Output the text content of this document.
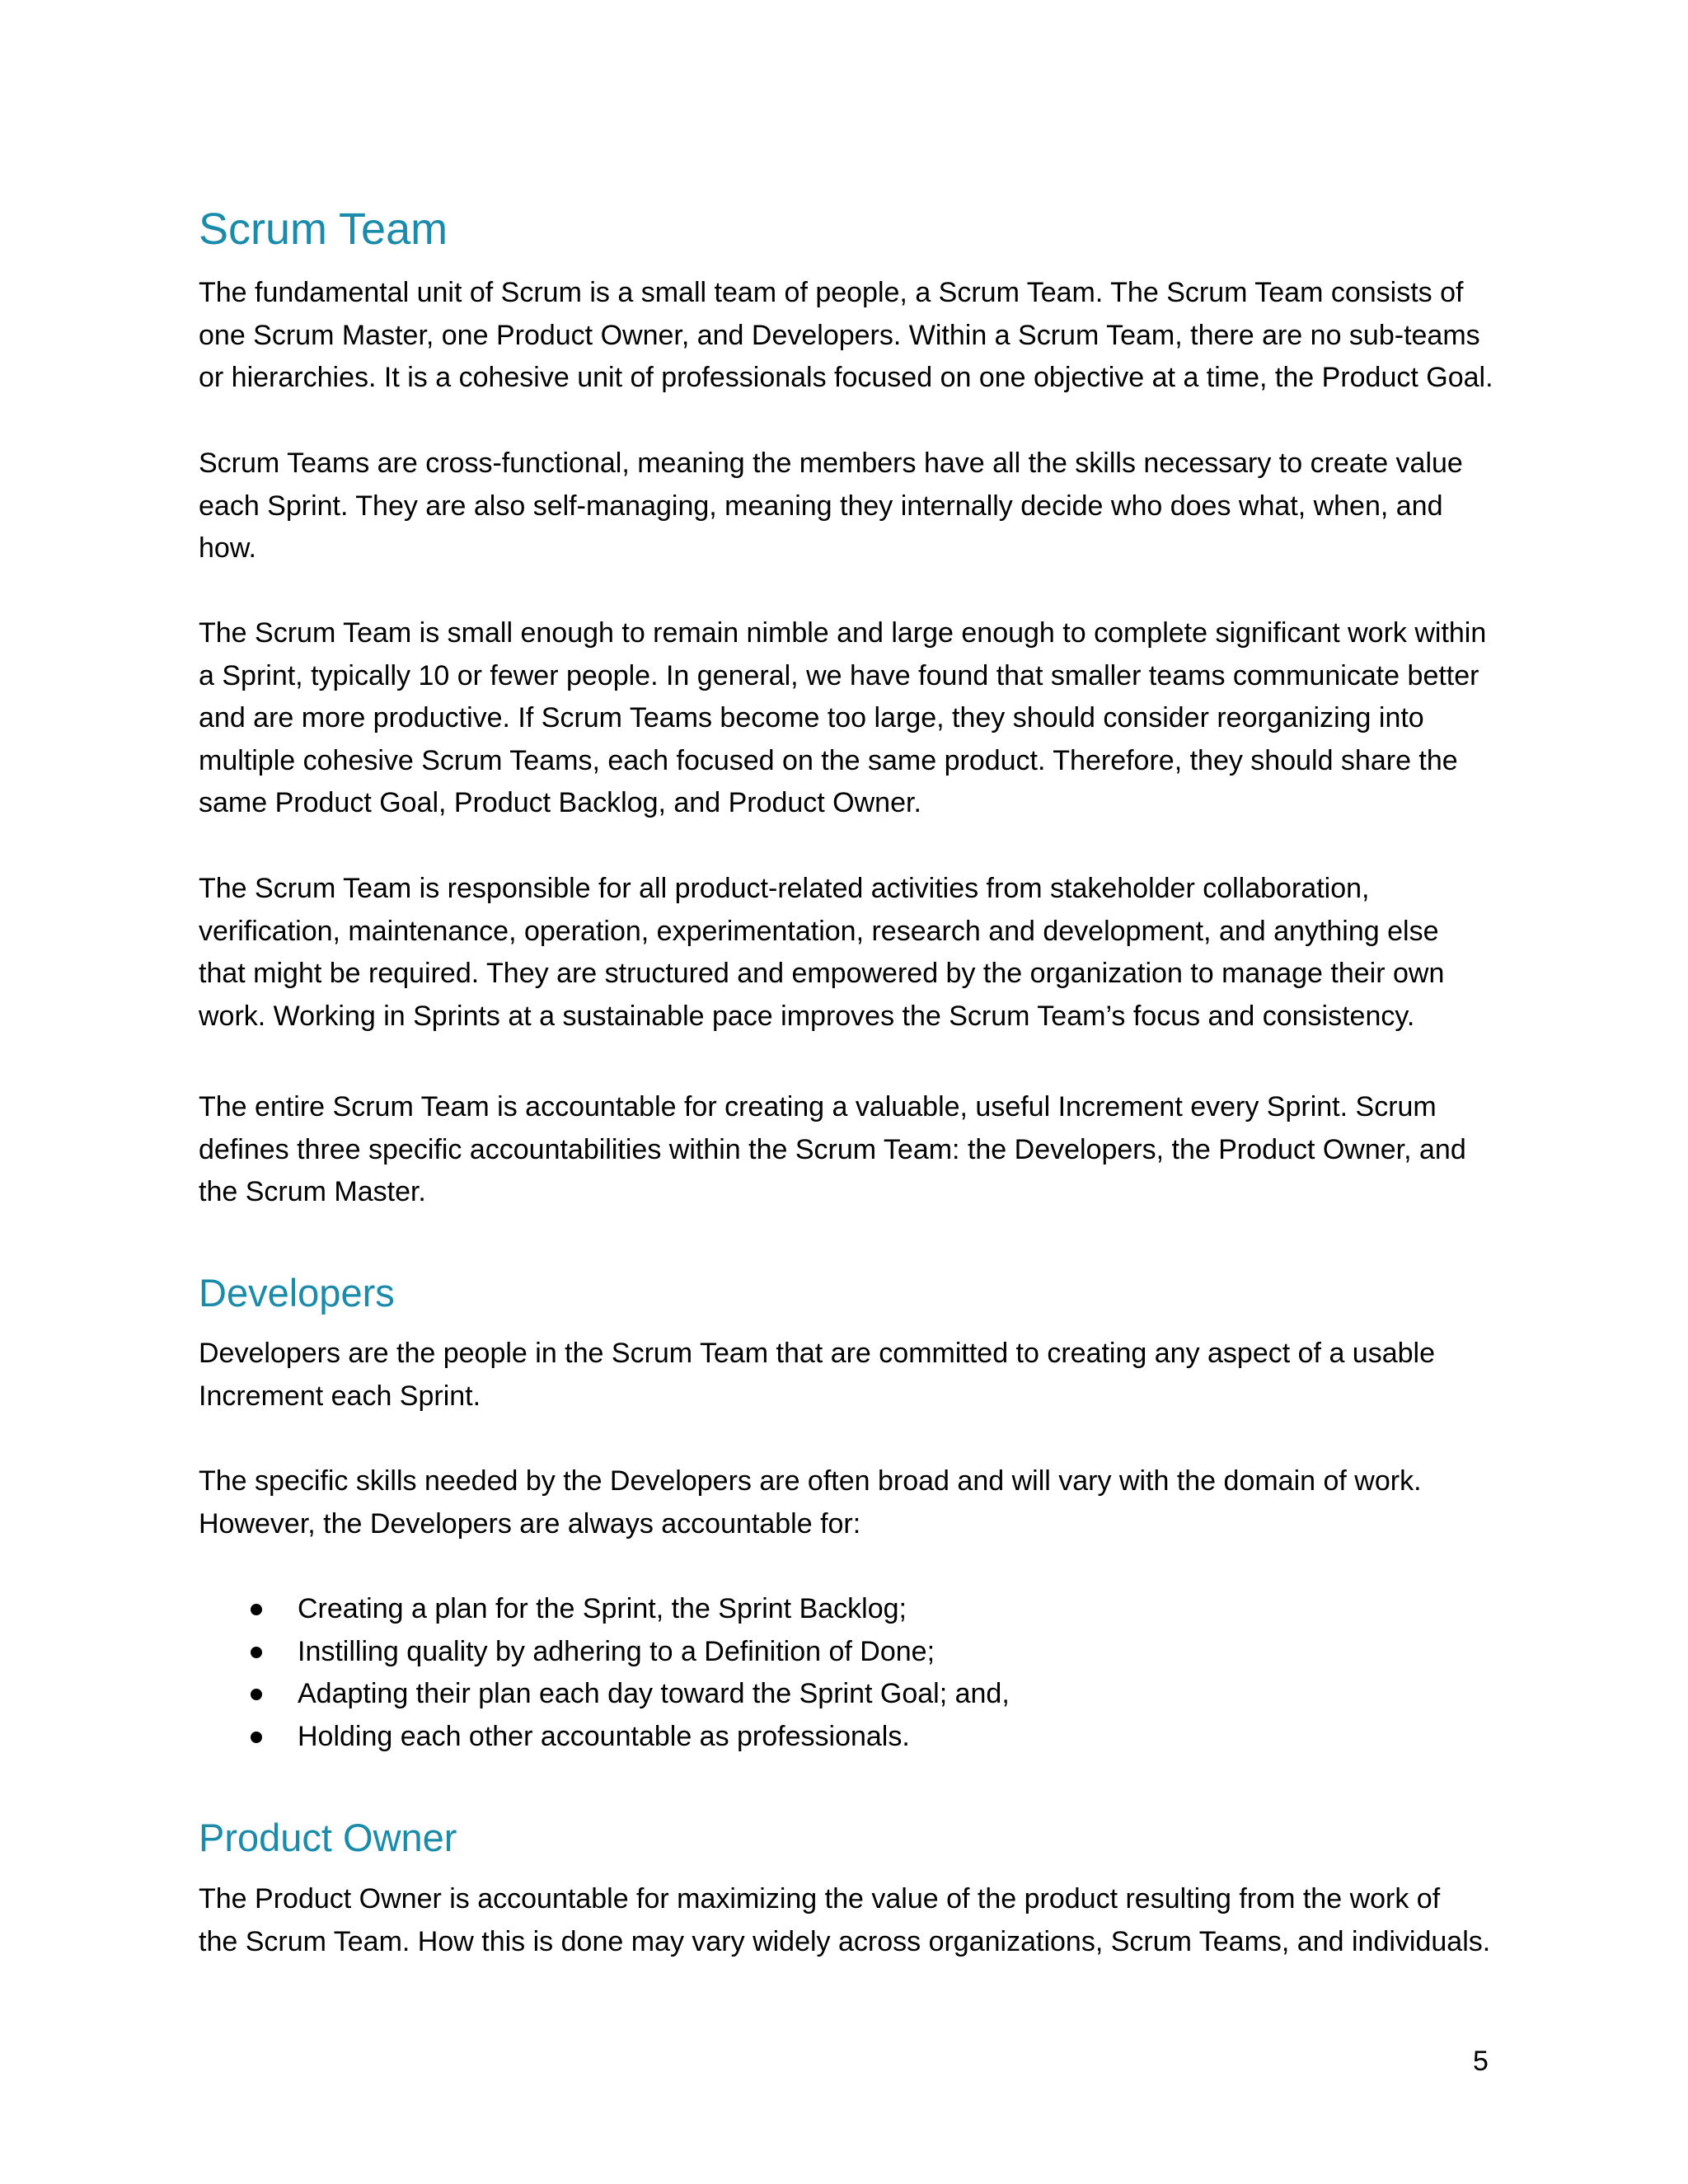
Scrum Team

The fundamental unit of Scrum is a small team of people, a Scrum Team. The Scrum Team consists of
one Scrum Master, one Product Owner, and Developers. Within a Scrum Team, there are no sub-teams
or hierarchies. It is a cohesive unit of professionals focused on one objective at a time, the Product Goal.

Scrum Teams are cross-functional, meaning the members have all the skills necessary to create value
each Sprint. They are also self-managing, meaning they internally decide who does what, when, and
how.

The Scrum Team is small enough to remain nimble and large enough to complete significant work within
a Sprint, typically 10 or fewer people. In general, we have found that smaller teams communicate better
and are more productive. If Scrum Teams become too large, they should consider reorganizing into
multiple cohesive Scrum Teams, each focused on the same product. Therefore, they should share the
same Product Goal, Product Backlog, and Product Owner.

The Scrum Team is responsible for all product-related activities from stakeholder collaboration,
verification, maintenance, operation, experimentation, research and development, and anything else
that might be required. They are structured and empowered by the organization to manage their own
work. Working in Sprints at a sustainable pace improves the Scrum Team’s focus and consistency.

The entire Scrum Team is accountable for creating a valuable, useful Increment every Sprint. Scrum
defines three specific accountabilities within the Scrum Team: the Developers, the Product Owner, and
the Scrum Master.

Developers

Developers are the people in the Scrum Team that are committed to creating any aspect of a usable
Increment each Sprint.

The specific skills needed by the Developers are often broad and will vary with the domain of work.
However, the Developers are always accountable for:

Creating a plan for the Sprint, the Sprint Backlog;
Instilling quality by adhering to a Definition of Done;
Adapting their plan each day toward the Sprint Goal; and,
Holding each other accountable as professionals.
Product Owner

The Product Owner is accountable for maximizing the value of the product resulting from the work of
the Scrum Team. How this is done may vary widely across organizations, Scrum Teams, and individuals.

5
